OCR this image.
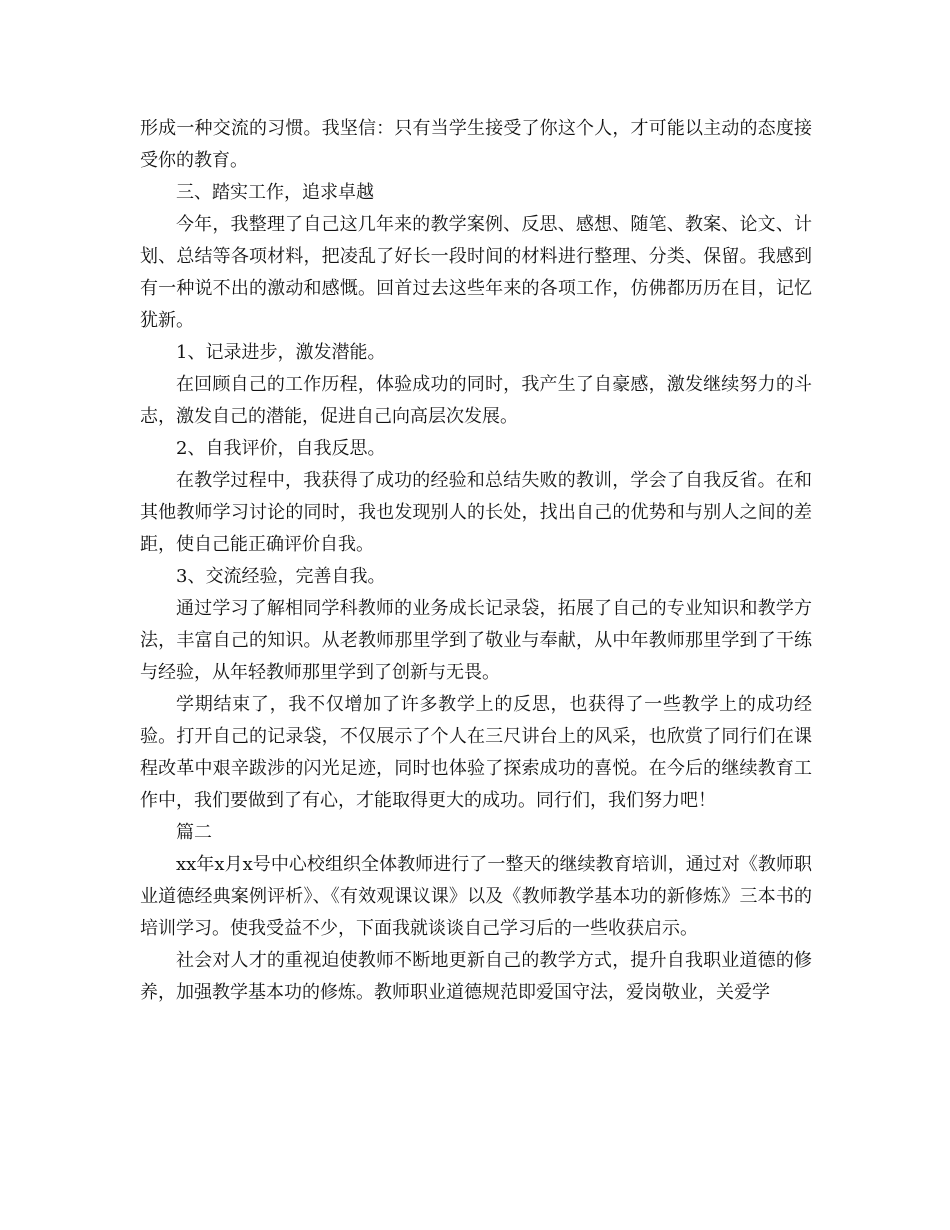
形成一种交流的习惯。我坚信：只有当学生接受了你这个人，才可能以主动的态度接受你的教育。

三、踏实工作，追求卓越

今年，我整理了自己这几年来的教学案例、反思、感想、随笔、教案、论文、计划、总结等各项材料，把凌乱了好长一段时间的材料进行整理、分类、保留。我感到有一种说不出的激动和感慨。回首过去这些年来的各项工作，仿佛都历历在目，记忆犹新。

1、记录进步，激发潜能。

在回顾自己的工作历程，体验成功的同时，我产生了自豪感，激发继续努力的斗志，激发自己的潜能，促进自己向高层次发展。

2、自我评价，自我反思。

在教学过程中，我获得了成功的经验和总结失败的教训，学会了自我反省。在和其他教师学习讨论的同时，我也发现别人的长处，找出自己的优势和与别人之间的差距，使自己能正确评价自我。

3、交流经验，完善自我。

通过学习了解相同学科教师的业务成长记录袋，拓展了自己的专业知识和教学方法，丰富自己的知识。从老教师那里学到了敬业与奉献，从中年教师那里学到了干练与经验，从年轻教师那里学到了创新与无畏。

学期结束了，我不仅增加了许多教学上的反思，也获得了一些教学上的成功经验。打开自己的记录袋，不仅展示了个人在三尺讲台上的风采，也欣赏了同行们在课程改革中艰辛跋涉的闪光足迹，同时也体验了探索成功的喜悦。在今后的继续教育工作中，我们要做到了有心，才能取得更大的成功。同行们，我们努力吧！

篇二

xx年x月x号中心校组织全体教师进行了一整天的继续教育培训，通过对《教师职业道德经典案例评析》、《有效观课议课》以及《教师教学基本功的新修炼》三本书的培训学习。使我受益不少，下面我就谈谈自己学习后的一些收获启示。

社会对人才的重视迫使教师不断地更新自己的教学方式，提升自我职业道德的修养，加强教学基本功的修炼。教师职业道德规范即爱国守法，爱岗敬业，关爱学
